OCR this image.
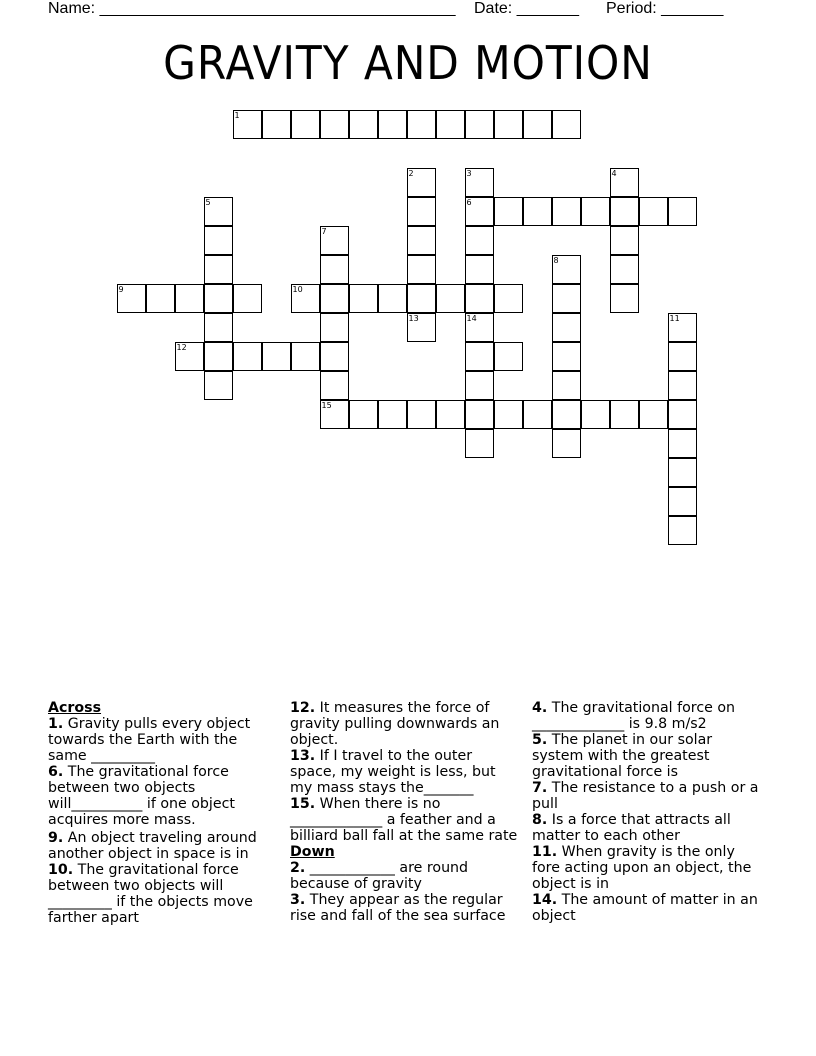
Name: ________________________________________ Date: _______ Period: _______
GRAVITY AND MOTION
1
2
13
3
6
14
4
5
7
15
8
9	10
11
12
Across
1. Gravity pulls every object towards the Earth with the same _________
6. The gravitational force between two objects will__________ if one object acquires more mass.
9. An object traveling around another object in space is in
10. The gravitational force between two objects will _________ if the objects move farther apart
12. It measures the force of gravity pulling downwards an object.
13. If I travel to the outer space, my weight is less, but my mass stays the_______
15. When there is no _____________ a feather and a billiard ball fall at the same rate
Down
2. ____________ are round because of gravity
3. They appear as the regular rise and fall of the sea surface
4. The gravitational force on _____________ is 9.8 m/s2
5. The planet in our solar system with the greatest gravitational force is
7. The resistance to a push or a pull
8. Is a force that attracts all matter to each other
11. When gravity is the only fore acting upon an object, the object is in
14. The amount of matter in an object
